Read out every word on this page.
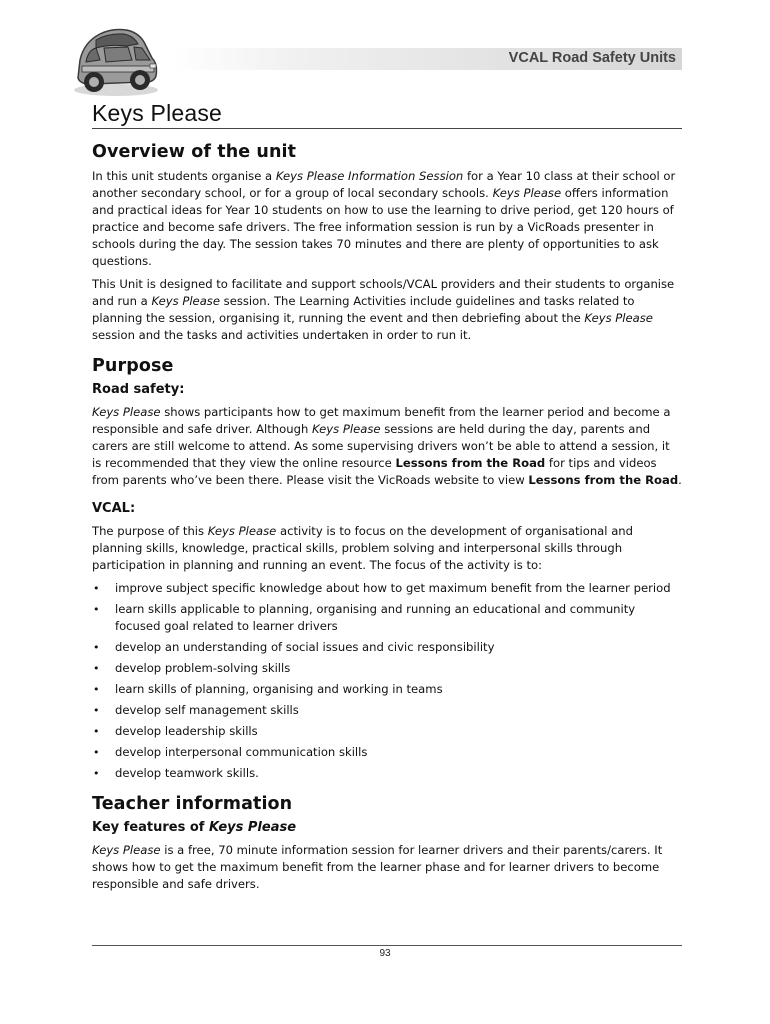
VCAL Road Safety Units
Keys Please
Overview of the unit

In this unit students organise a Keys Please Information Session for a Year 10 class at their school or another secondary school, or for a group of local secondary schools. Keys Please offers information and practical ideas for Year 10 students on how to use the learning to drive period, get 120 hours of practice and become safe drivers. The free information session is run by a VicRoads presenter in schools during the day. The session takes 70 minutes and there are plenty of opportunities to ask questions.

This Unit is designed to facilitate and support schools/VCAL providers and their students to organise and run a Keys Please session. The Learning Activities include guidelines and tasks related to planning the session, organising it, running the event and then debriefing about the Keys Please session and the tasks and activities undertaken in order to run it.

Purpose
Road safety:

Keys Please shows participants how to get maximum benefit from the learner period and become a responsible and safe driver. Although Keys Please sessions are held during the day, parents and carers are still welcome to attend. As some supervising drivers won’t be able to attend a session, it is recommended that they view the online resource Lessons from the Road for tips and videos from parents who’ve been there. Please visit the VicRoads website to view Lessons from the Road.

VCAL:

The purpose of this Keys Please activity is to focus on the development of organisational and planning skills, knowledge, practical skills, problem solving and interpersonal skills through participation in planning and running an event. The focus of the activity is to:

• improve subject specific knowledge about how to get maximum benefit from the learner period
• learn skills applicable to planning, organising and running an educational and community focused goal related to learner drivers
• develop an understanding of social issues and civic responsibility
• develop problem-solving skills
• learn skills of planning, organising and working in teams
• develop self management skills
• develop leadership skills
• develop interpersonal communication skills
• develop teamwork skills.
Teacher information
Key features of Keys Please

Keys Please is a free, 70 minute information session for learner drivers and their parents/carers. It shows how to get the maximum benefit from the learner phase and for learner drivers to become responsible and safe drivers.

93
